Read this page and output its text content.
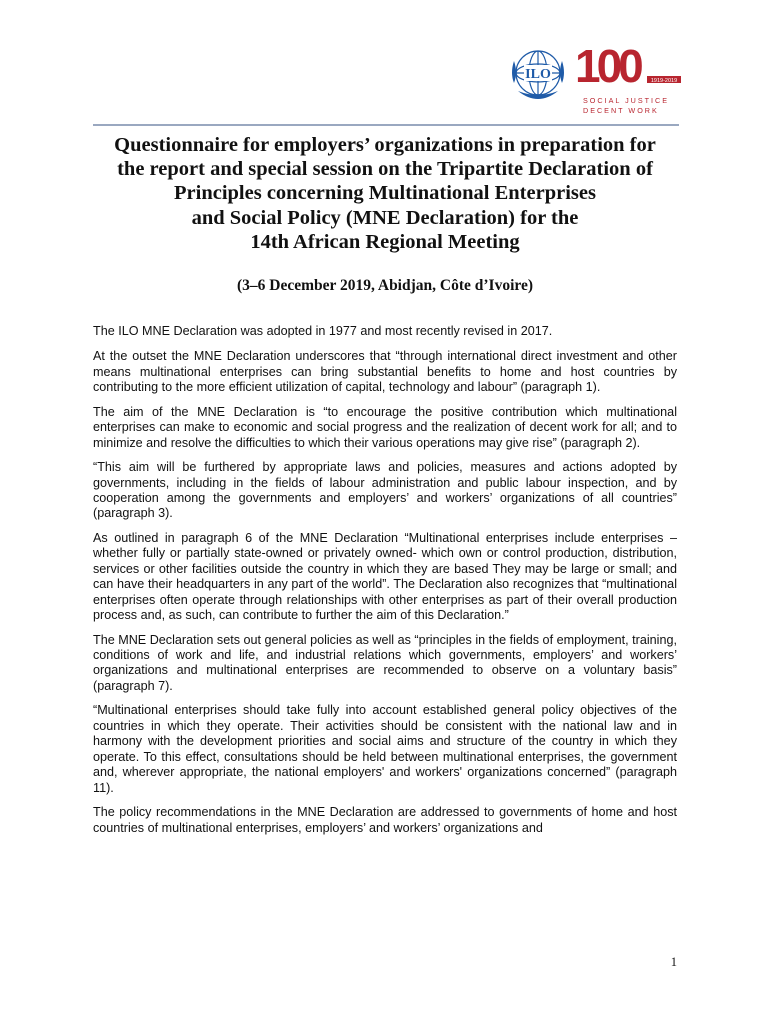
ILO 100	1919-2019
SOCIAL JUSTICE
DECENT WORK
Questionnaire for employers’ organizations in preparation for
the report and special session on the Tripartite Declaration of
Principles concerning Multinational Enterprises
and Social Policy (MNE Declaration) for the
14th African Regional Meeting
(3–6 December 2019, Abidjan, Côte d’Ivoire)

The ILO MNE Declaration was adopted in 1977 and most recently revised in 2017.

At the outset the MNE Declaration underscores that “through international direct investment and other means multinational enterprises can bring substantial benefits to home and host countries by contributing to the more efficient utilization of capital, technology and labour” (paragraph 1).

The aim of the MNE Declaration is “to encourage the positive contribution which multinational enterprises can make to economic and social progress and the realization of decent work for all; and to minimize and resolve the difficulties to which their various operations may give rise” (paragraph 2).

“This aim will be furthered by appropriate laws and policies, measures and actions adopted by governments, including in the fields of labour administration and public labour inspection, and by cooperation among the governments and employers’ and workers’ organizations of all countries” (paragraph 3).

As outlined in paragraph 6 of the MNE Declaration “Multinational enterprises include enterprises – whether fully or partially state-owned or privately owned- which own or control production, distribution, services or other facilities outside the country in which they are based They may be large or small; and can have their headquarters in any part of the world”. The Declaration also recognizes that “multinational enterprises often operate through relationships with other enterprises as part of their overall production process and, as such, can contribute to further the aim of this Declaration.”

The MNE Declaration sets out general policies as well as “principles in the fields of employment, training, conditions of work and life, and industrial relations which governments, employers’ and workers’ organizations and multinational enterprises are recommended to observe on a voluntary basis” (paragraph 7).

“Multinational enterprises should take fully into account established general policy objectives of the countries in which they operate. Their activities should be consistent with the national law and in harmony with the development priorities and social aims and structure of the country in which they operate. To this effect, consultations should be held between multinational enterprises, the government and, wherever appropriate, the national employers' and workers' organizations concerned” (paragraph 11).

The policy recommendations in the MNE Declaration are addressed to governments of home and host countries of multinational enterprises, employers’ and workers’ organizations and

1
